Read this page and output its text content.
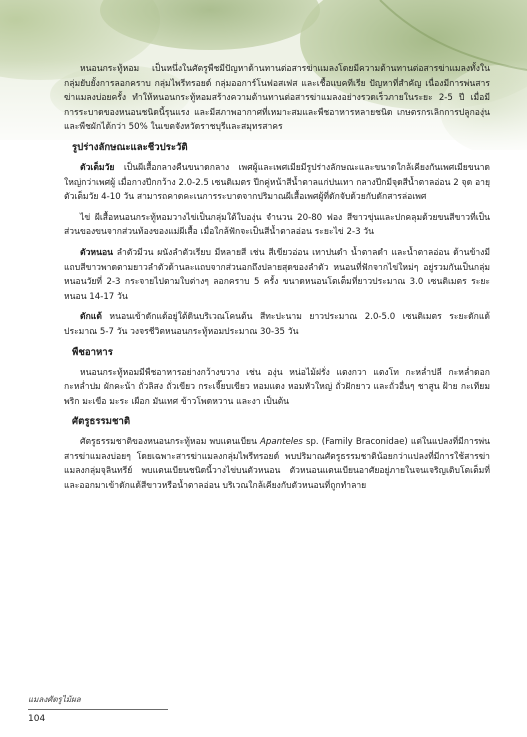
หนอนกระทู้หอม เป็นหนึ่งในศัตรูพืชมีปัญหาด้านทานต่อสารฆ่าแมลงโดยมีความต้านทานต่อสารฆ่าแมลงทั้งในกลุ่มยับยั้งการลอกคราบ กลุ่มไพรีทรอยด์ กลุ่มออการ์โนฟอสเฟส และเชื้อแบคทีเรีย ปัญหาที่สำคัญ เนื่องมีการพ่นสารฆ่าแมลงบ่อยครั้ง ทำให้หนอนกระทู้หอมสร้างความต้านทานต่อสารฆ่าแมลงอย่างรวดเร็วภายในระยะ 2-5 ปี เมื่อมีการระบาดของหนอนชนิดนี้รุนแรง และมีสภาพอากาศที่เหมาะสมและพืชอาหารหลายชนิด เกษตรกรเลิกการปลูกองุ่นและพืชผักได้กว่า 50% ในเขตจังหวัดราชบุรีและสมุทรสาคร

รูปร่างลักษณะและชีวประวัติ

ตัวเต็มวัย เป็นผีเสื้อกลางคืนขนาดกลาง เพศผู้และเพศเมียมีรูปร่างลักษณะและขนาดใกล้เคียงกันเพศเมียขนาดใหญ่กว่าเพศผู้ เมื่อกางปีกกว้าง 2.0-2.5 เซนติเมตร ปีกคู่หน้าสีน้ำตาลแก่ปนเทา กลางปีกมีจุดสีน้ำตาลอ่อน 2 จุด อายุตัวเต็มวัย 4-10 วัน สามารถคาดคะเนการระบาดจากปริมาณผีเสื้อเพศผู้ที่ดักจับด้วยกับดักสารล่อเพศ

ไข่ ผีเสื้อหนอนกระทู้หอมวางไข่เป็นกลุ่มใต้ใบองุ่น จำนวน 20-80 ฟอง สีขาวขุ่นและปกคลุมด้วยขนสีขาวที่เป็นส่วนของขนจากส่วนท้องของแม่ผีเสื้อ เมื่อใกล้ฟักจะเป็นสีน้ำตาลอ่อน ระยะไข่ 2-3 วัน

ตัวหนอน ลำตัวมีวน ผนังลำตัวเรียบ มีหลายสี เช่น สีเขียวอ่อน เทาปนดำ น้ำตาลดำ และน้ำตาลอ่อน ด้านข้างมีแถบสีขาวพาดตามยาวลำตัวด้านละแถบจากส่วนอกถึงปลายสุดของลำตัว หนอนที่ฟักจากไข่ใหม่ๆ อยู่รวมกันเป็นกลุ่ม หนอนวัยที่ 2-3 กระจายไปตามใบต่างๆ ลอกคราบ 5 ครั้ง ขนาดหนอนโตเต็มที่ยาวประมาณ 3.0 เซนติเมตร ระยะหนอน 14-17 วัน

ดักแด้ หนอนเข้าดักแด้อยู่ใต้ดินบริเวณโคนต้น สีทะปะนาม ยาวประมาณ 2.0-5.0 เซนติเมตร ระยะดักแด้ประมาณ 5-7 วัน วงจรชีวิตหนอนกระทู้หอมประมาณ 30-35 วัน

พืชอาหาร

หนอนกระทู้หอมมีพืชอาหารอย่างกว้างขวาง เช่น องุ่น หน่อไม้ฝรั่ง แตงกวา แตงโท กะหล่ำปลี กะหล่ำดอก กะหล่ำปม ผักคะน้า ถั่วลิสง ถั่วเขียว กระเจี๊ยบเขียว หอมแดง หอมหัวใหญ่ ถั่วฝักยาว และถั่วอื่นๆ ชาสูน ฝ้าย กะเทียม พริก มะเขือ มะระ เผือก มันเทศ ข้าวโพดหวาน และงา เป็นต้น

ศัตรูธรรมชาติ

ศัตรูธรรมชาติของหนอนกระทู้หอม พบแตนเบียน Apanteles sp. (Family Braconidae) แต่ในแปลงที่มีการพ่นสารฆ่าแมลงบ่อยๆ โดยเฉพาะสารฆ่าแมลงกลุ่มไพรีทรอยด์ พบปริมาณศัตรูธรรมชาติน้อยกว่าแปลงที่มีการใช้สารฆ่าแมลงกลุ่มจุลินทรีย์ พบแตนเบียนชนิดนี้วางไข่บนตัวหนอน ตัวหนอนแตนเบียนอาศัยอยู่ภายในจนเจริญเติบโตเต็มที่และออกมาเข้าดักแด้สีขาวหรือน้ำตาลอ่อน บริเวณใกล้เคียงกับตัวหนอนที่ถูกทำลาย

แมลงศัตรูไม้ผล
104
